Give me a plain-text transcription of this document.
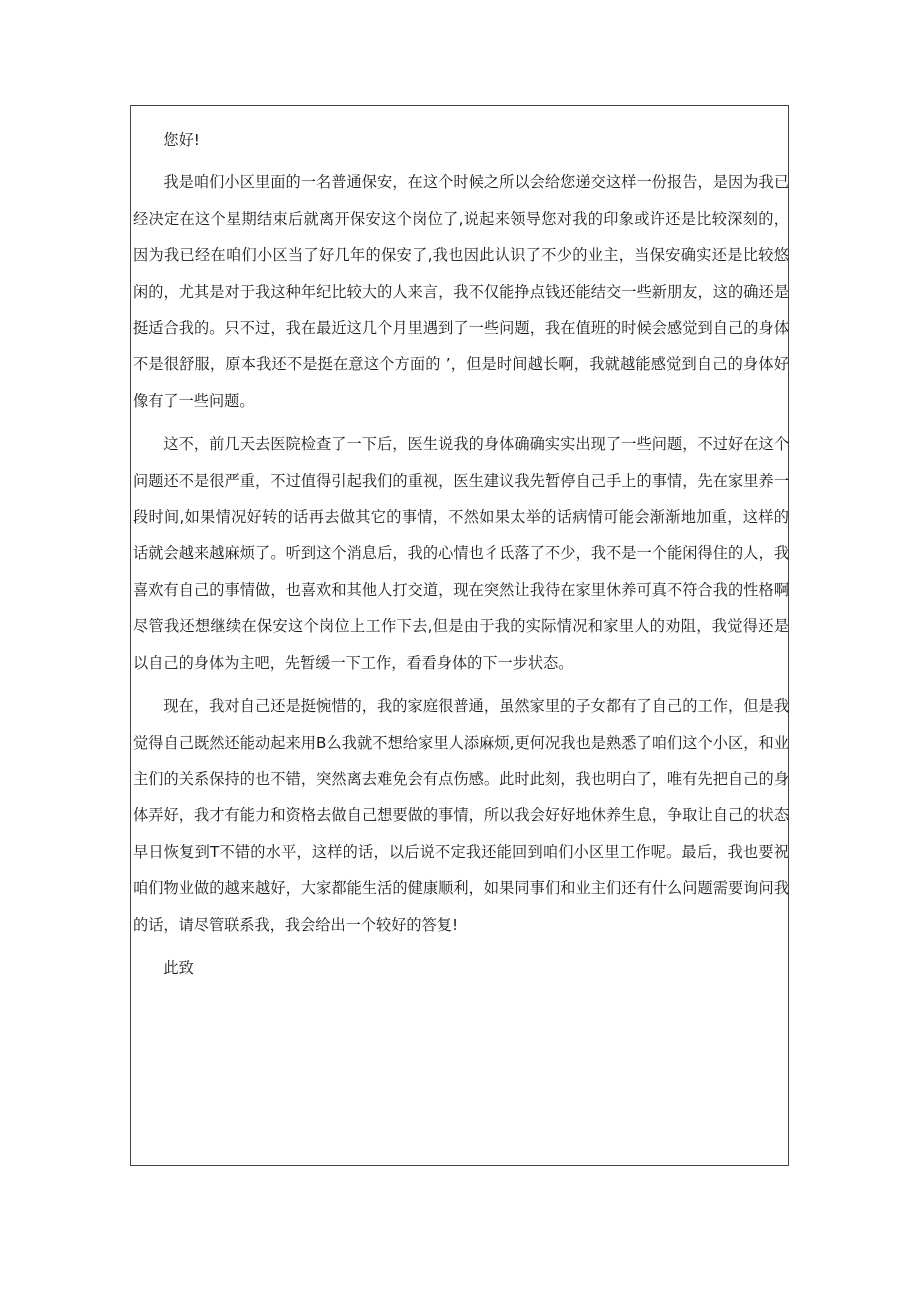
您好!

我是咱们小区里面的一名普通保安，在这个时候之所以会给您递交这样一份报告，是因为我已经决定在这个星期结束后就离开保安这个岗位了,说起来领导您对我的印象或许还是比较深刻的，因为我已经在咱们小区当了好几年的保安了,我也因此认识了不少的业主，当保安确实还是比较悠闲的，尤其是对于我这种年纪比较大的人来言，我不仅能挣点钱还能结交一些新朋友，这的确还是挺适合我的。只不过，我在最近这几个月里遇到了一些问题，我在值班的时候会感觉到自己的身体不是很舒服，原本我还不是挺在意这个方面的 ’，但是时间越长啊，我就越能感觉到自己的身体好像有了一些问题。

这不，前几天去医院检查了一下后，医生说我的身体确确实实出现了一些问题，不过好在这个问题还不是很严重，不过值得引起我们的重视，医生建议我先暂停自己手上的事情，先在家里养一段时间,如果情况好转的话再去做其它的事情，不然如果太举的话病情可能会渐渐地加重，这样的话就会越来越麻烦了。听到这个消息后，我的心情也彳氐落了不少，我不是一个能闲得住的人，我喜欢有自己的事情做，也喜欢和其他人打交道，现在突然让我待在家里休养可真不符合我的性格啊尽管我还想继续在保安这个岗位上工作下去,但是由于我的实际情况和家里人的劝阻，我觉得还是以自己的身体为主吧，先暂缓一下工作，看看身体的下一步状态。

现在，我对自己还是挺惋惜的，我的家庭很普通，虽然家里的子女都有了自己的工作，但是我觉得自己既然还能动起来用B么我就不想给家里人添麻烦,更何况我也是熟悉了咱们这个小区，和业主们的关系保持的也不错，突然离去难免会有点伤感。此时此刻，我也明白了，唯有先把自己的身体弄好，我才有能力和资格去做自己想要做的事情，所以我会好好地休养生息，争取让自己的状态早日恢复到T不错的水平，这样的话，以后说不定我还能回到咱们小区里工作呢。最后，我也要祝咱们物业做的越来越好，大家都能生活的健康顺利，如果同事们和业主们还有什么问题需要询问我的话，请尽管联系我，我会给出一个较好的答复!

此致
